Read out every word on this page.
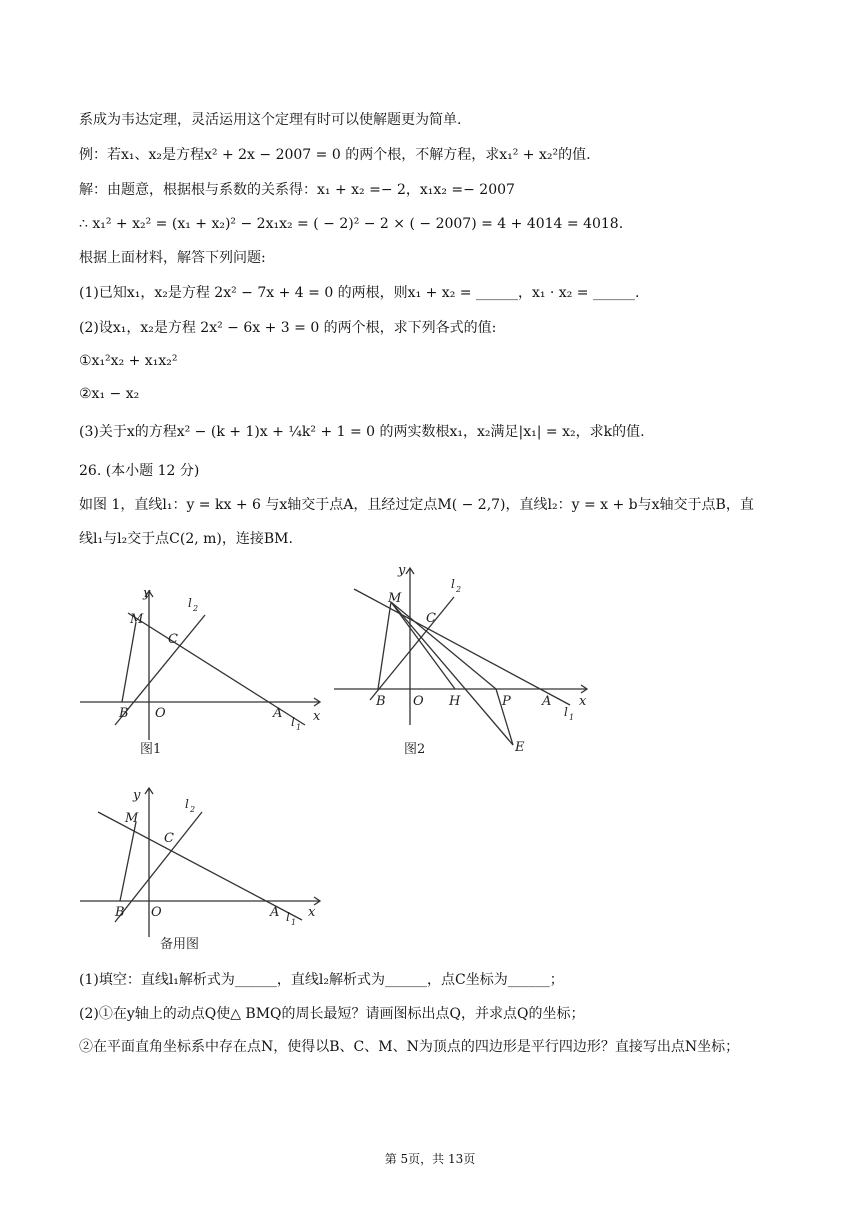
系成为韦达定理，灵活运用这个定理有时可以使解题更为简单.
例：若x₁、x₂是方程x² + 2x − 2007 = 0 的两个根，不解方程，求x₁² + x₂²的值.
解：由题意，根据根与系数的关系得：x₁ + x₂ =− 2，x₁x₂ =− 2007
∴ x₁² + x₂² = (x₁ + x₂)² − 2x₁x₂ = ( − 2)² − 2 × ( − 2007) = 4 + 4014 = 4018.
根据上面材料，解答下列问题:
(1)已知x₁，x₂是方程 2x² − 7x + 4 = 0 的两根，则x₁ + x₂ = ______，x₁ · x₂ = ______.
(2)设x₁，x₂是方程 2x² − 6x + 3 = 0 的两个根，求下列各式的值:
①x₁²x₂ + x₁x₂²
②x₁ − x₂
(3)关于x的方程x² − (k + 1)x + ¼k² + 1 = 0 的两实数根x₁，x₂满足|x₁| = x₂，求k的值.
26. (本小题 12 分)
如图 1，直线l₁：y = kx + 6 与x轴交于点A，且经过定点M( − 2,7)，直线l₂：y = x + b与x轴交于点B，直
线l₁与l₂交于点C(2, m)，连接BM.
y
x
M
C
B O	A
l 2
l 1
图1
y
x
M
C
B O H	P A
E
l 2
l 1
图2
y
x
M
C
B O	A
l 2
l 1
备用图
(1)填空：直线l₁解析式为______，直线l₂解析式为______，点C坐标为______；
(2)①在y轴上的动点Q使△ BMQ的周长最短？请画图标出点Q，并求点Q的坐标；
②在平面直角坐标系中存在点N，使得以B、C、M、N为顶点的四边形是平行四边形？直接写出点N坐标；
第 5页，共 13页
